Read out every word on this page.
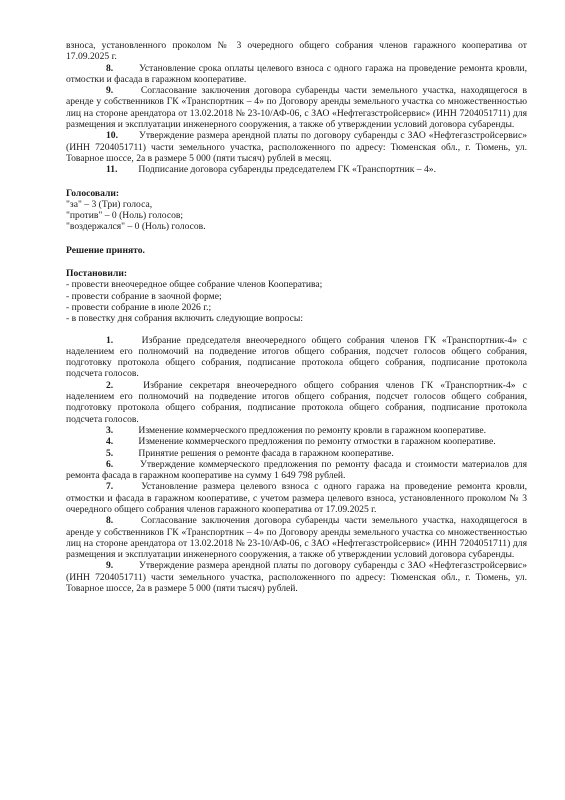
взноса, установленного проколом № 3 очередного общего собрания членов гаражного кооператива от 17.09.2025 г.

8. Установление срока оплаты целевого взноса с одного гаража на проведение ремонта кровли, отмостки и фасада в гаражном кооперативе.

9. Согласование заключения договора субаренды части земельного участка, находящегося в аренде у собственников ГК «Транспортник – 4» по Договору аренды земельного участка со множественностью лиц на стороне арендатора от 13.02.2018 № 23-10/АФ-06, с ЗАО «Нефтегазстройсервис» (ИНН 7204051711) для размещения и эксплуатации инженерного сооружения, а также об утверждении условий договора субаренды.

10. Утверждение размера арендной платы по договору субаренды с ЗАО «Нефтегазстройсервис» (ИНН 7204051711) части земельного участка, расположенного по адресу: Тюменская обл., г. Тюмень, ул. Товарное шоссе, 2а в размере 5 000 (пяти тысяч) рублей в месяц.

11. Подписание договора субаренды председателем ГК «Транспортник – 4».

Голосовали:

"за" – 3 (Три) голоса,

"против" – 0 (Ноль) голосов;

"воздержался" – 0 (Ноль) голосов.

Решение принято.

Постановили:

- провести внеочередное общее собрание членов Кооператива;

- провести собрание в заочной форме;

- провести собрание в июле 2026 г.;

- в повестку дня собрания включить следующие вопросы:

1. Избрание председателя внеочередного общего собрания членов ГК «Транспортник-4» с наделением его полномочий на подведение итогов общего собрания, подсчет голосов общего собрания, подготовку протокола общего собрания, подписание протокола общего собрания, подписание протокола подсчета голосов.

2. Избрание секретаря внеочередного общего собрания членов ГК «Транспортник-4» с наделением его полномочий на подведение итогов общего собрания, подсчет голосов общего собрания, подготовку протокола общего собрания, подписание протокола общего собрания, подписание протокола подсчета голосов.

3. Изменение коммерческого предложения по ремонту кровли в гаражном кооперативе.

4. Изменение коммерческого предложения по ремонту отмостки в гаражном кооперативе.

5. Принятие решения о ремонте фасада в гаражном кооперативе.

6. Утверждение коммерческого предложения по ремонту фасада и стоимости материалов для ремонта фасада в гаражном кооперативе на сумму 1 649 798 рублей.

7. Установление размера целевого взноса с одного гаража на проведение ремонта кровли, отмостки и фасада в гаражном кооперативе, с учетом размера целевого взноса, установленного проколом № 3 очередного общего собрания членов гаражного кооператива от 17.09.2025 г.

8. Согласование заключения договора субаренды части земельного участка, находящегося в аренде у собственников ГК «Транспортник – 4» по Договору аренды земельного участка со множественностью лиц на стороне арендатора от 13.02.2018 № 23-10/АФ-06, с ЗАО «Нефтегазстройсервис» (ИНН 7204051711) для размещения и эксплуатации инженерного сооружения, а также об утверждении условий договора субаренды.

9. Утверждение размера арендной платы по договору субаренды с ЗАО «Нефтегазстройсервис» (ИНН 7204051711) части земельного участка, расположенного по адресу: Тюменская обл., г. Тюмень, ул. Товарное шоссе, 2а в размере 5 000 (пяти тысяч) рублей.
